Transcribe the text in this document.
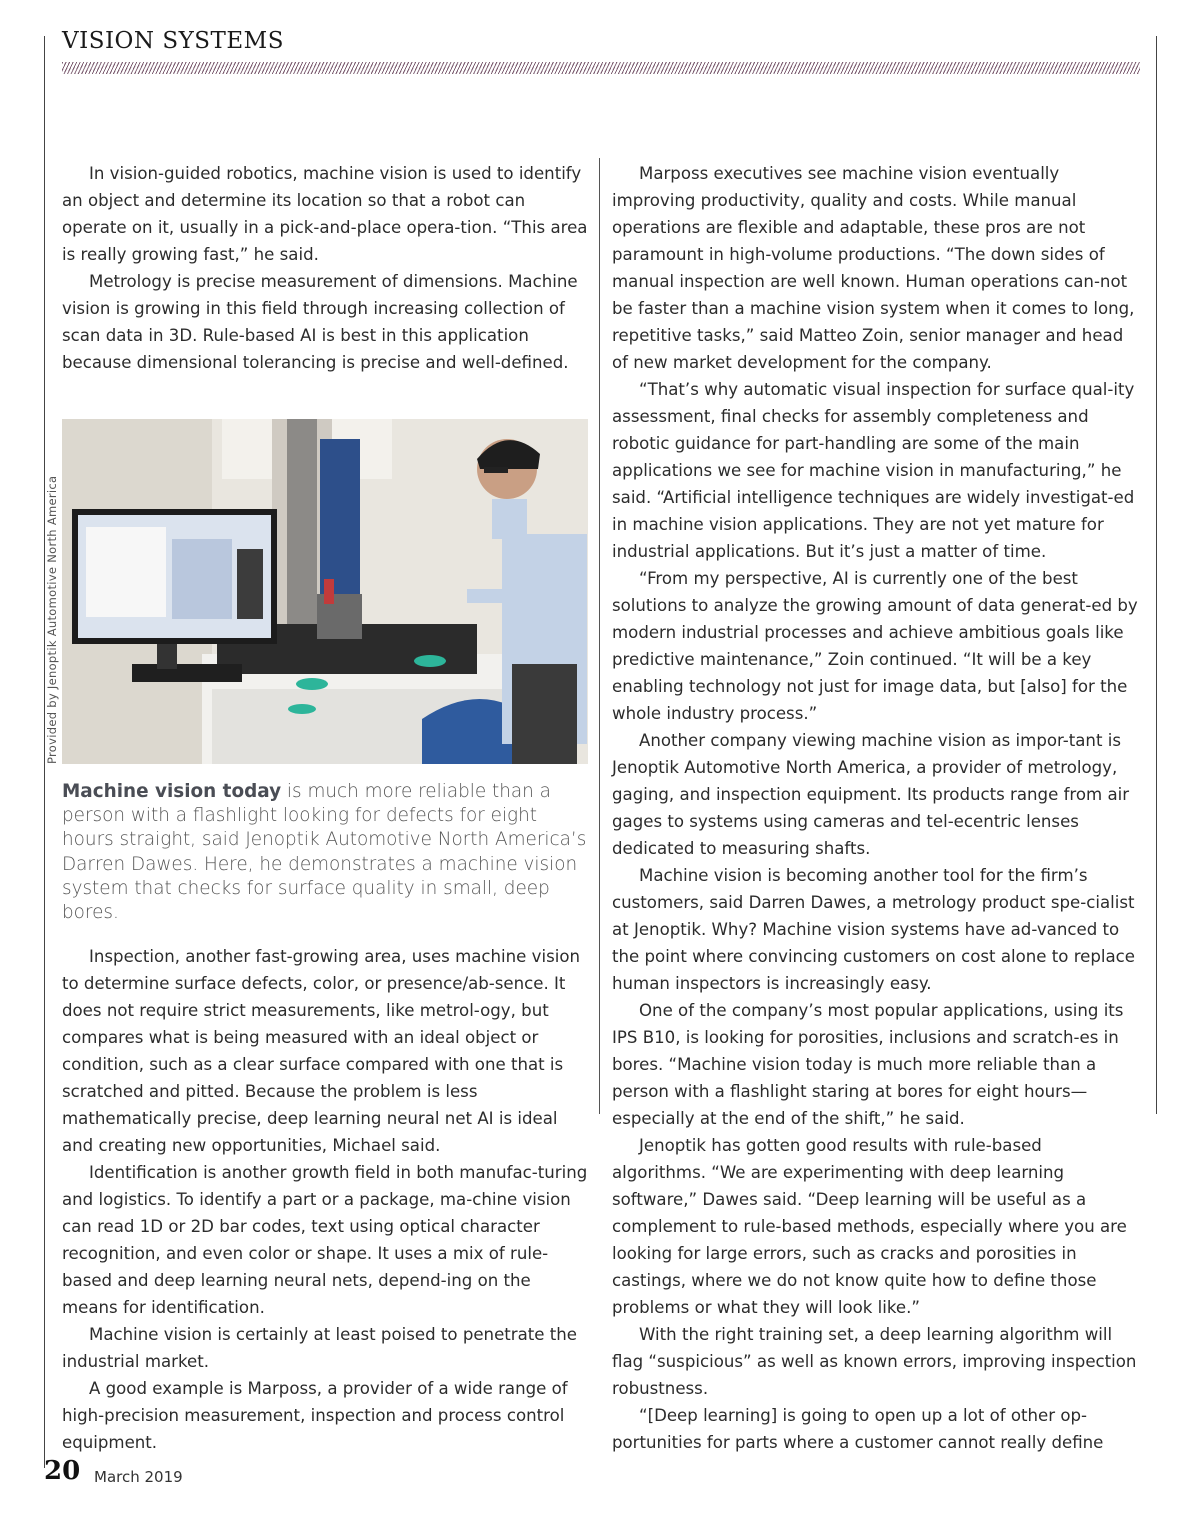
VISION SYSTEMS

In vision-guided robotics, machine vision is used to identify an object and determine its location so that a robot can operate on it, usually in a pick-and-place opera-tion. “This area is really growing fast,” he said.

Metrology is precise measurement of dimensions. Machine vision is growing in this field through increasing collection of scan data in 3D. Rule-based AI is best in this application because dimensional tolerancing is precise and well-defined.

Provided by Jenoptik Automotive North America
Machine vision today is much more reliable than a person with a flashlight looking for defects for eight hours straight, said Jenoptik Automotive North America’s Darren Dawes. Here, he demonstrates a machine vision system that checks for surface quality in small, deep bores.

Inspection, another fast-growing area, uses machine vision to determine surface defects, color, or presence/ab-sence. It does not require strict measurements, like metrol-ogy, but compares what is being measured with an ideal object or condition, such as a clear surface compared with one that is scratched and pitted. Because the problem is less mathematically precise, deep learning neural net AI is ideal and creating new opportunities, Michael said.

Identification is another growth field in both manufac-turing and logistics. To identify a part or a package, ma-chine vision can read 1D or 2D bar codes, text using optical character recognition, and even color or shape. It uses a mix of rule-based and deep learning neural nets, depend-ing on the means for identification.

Machine vision is certainly at least poised to penetrate the industrial market.

A good example is Marposs, a provider of a wide range of high-precision measurement, inspection and process control equipment.

Marposs executives see machine vision eventually improving productivity, quality and costs. While manual operations are flexible and adaptable, these pros are not paramount in high-volume productions. “The down sides of manual inspection are well known. Human operations can-not be faster than a machine vision system when it comes to long, repetitive tasks,” said Matteo Zoin, senior manager and head of new market development for the company.

“That’s why automatic visual inspection for surface qual-ity assessment, final checks for assembly completeness and robotic guidance for part-handling are some of the main applications we see for machine vision in manufacturing,” he said. “Artificial intelligence techniques are widely investigat-ed in machine vision applications. They are not yet mature for industrial applications. But it’s just a matter of time.

“From my perspective, AI is currently one of the best solutions to analyze the growing amount of data generat-ed by modern industrial processes and achieve ambitious goals like predictive maintenance,” Zoin continued. “It will be a key enabling technology not just for image data, but [also] for the whole industry process.”

Another company viewing machine vision as impor-tant is Jenoptik Automotive North America, a provider of metrology, gaging, and inspection equipment. Its products range from air gages to systems using cameras and tel-ecentric lenses dedicated to measuring shafts.

Machine vision is becoming another tool for the firm’s customers, said Darren Dawes, a metrology product spe-cialist at Jenoptik. Why? Machine vision systems have ad-vanced to the point where convincing customers on cost alone to replace human inspectors is increasingly easy.

One of the company’s most popular applications, using its IPS B10, is looking for porosities, inclusions and scratch-es in bores. “Machine vision today is much more reliable than a person with a flashlight staring at bores for eight hours—especially at the end of the shift,” he said.

Jenoptik has gotten good results with rule-based algorithms. “We are experimenting with deep learning software,” Dawes said. “Deep learning will be useful as a complement to rule-based methods, especially where you are looking for large errors, such as cracks and porosities in castings, where we do not know quite how to define those problems or what they will look like.”

With the right training set, a deep learning algorithm will flag “suspicious” as well as known errors, improving inspection robustness.

“[Deep learning] is going to open up a lot of other op-portunities for parts where a customer cannot really define

20 March 2019
